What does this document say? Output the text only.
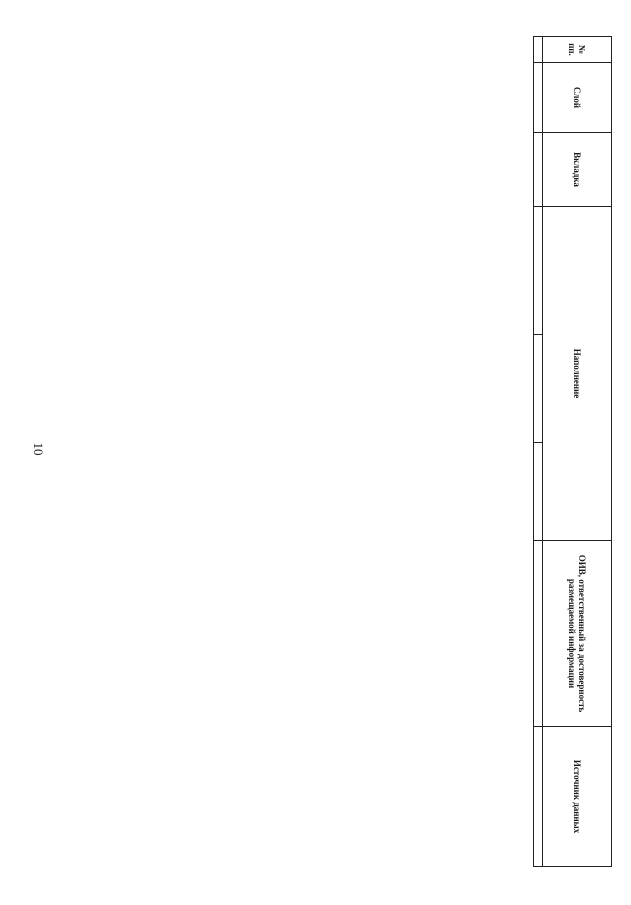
10
№ пп.	Слой	Вкладка	Наполнение			ОИВ, ответственный за достоверность размещаемой информации	Источник данных
